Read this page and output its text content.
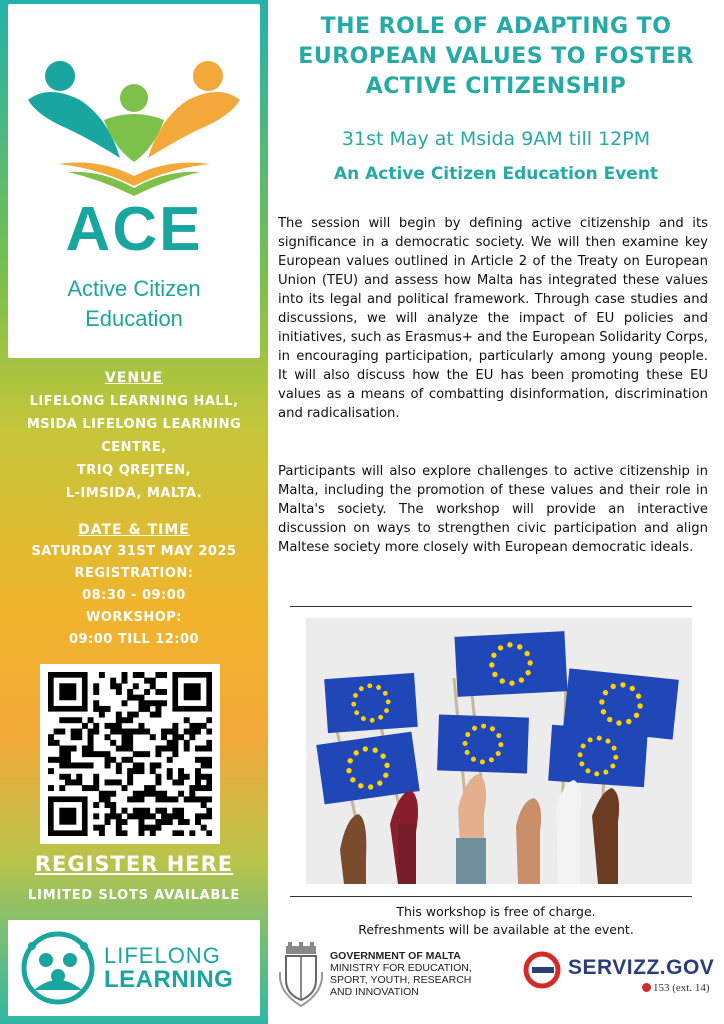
ACE
Active Citizen
Education
VENUE
LIFELONG LEARNING HALL,
MSIDA LIFELONG LEARNING
CENTRE,
TRIQ QREJTEN,
L-IMSIDA, MALTA.
DATE & TIME
SATURDAY 31ST MAY 2025
REGISTRATION:
08:30 - 09:00
WORKSHOP:
09:00 TILL 12:00
REGISTER HERE
LIMITED SLOTS AVAILABLE
LIFELONG
LEARNING
THE ROLE OF ADAPTING TO
EUROPEAN VALUES TO FOSTER
ACTIVE CITIZENSHIP
31st May at Msida 9AM till 12PM
An Active Citizen Education Event
The session will begin by defining active citizenship and its significance in a democratic society. We will then examine key European values outlined in Article 2 of the Treaty on European Union (TEU) and assess how Malta has integrated these values into its legal and political framework. Through case studies and discussions, we will analyze the impact of EU policies and initiatives, such as Erasmus+ and the European Solidarity Corps, in encouraging participation, particularly among young people. It will also discuss how the EU has been promoting these EU values as a means of combatting disinformation, discrimination and radicalisation.
Participants will also explore challenges to active citizenship in Malta, including the promotion of these values and their role in Malta's society. The workshop will provide an interactive discussion on ways to strengthen civic participation and align Maltese society more closely with European democratic ideals.
This workshop is free of charge.
Refreshments will be available at the event.
GOVERNMENT OF MALTA
MINISTRY FOR EDUCATION,
SPORT, YOUTH, RESEARCH
AND INNOVATION
SERVIZZ.GOV
153 (ext. 14)
